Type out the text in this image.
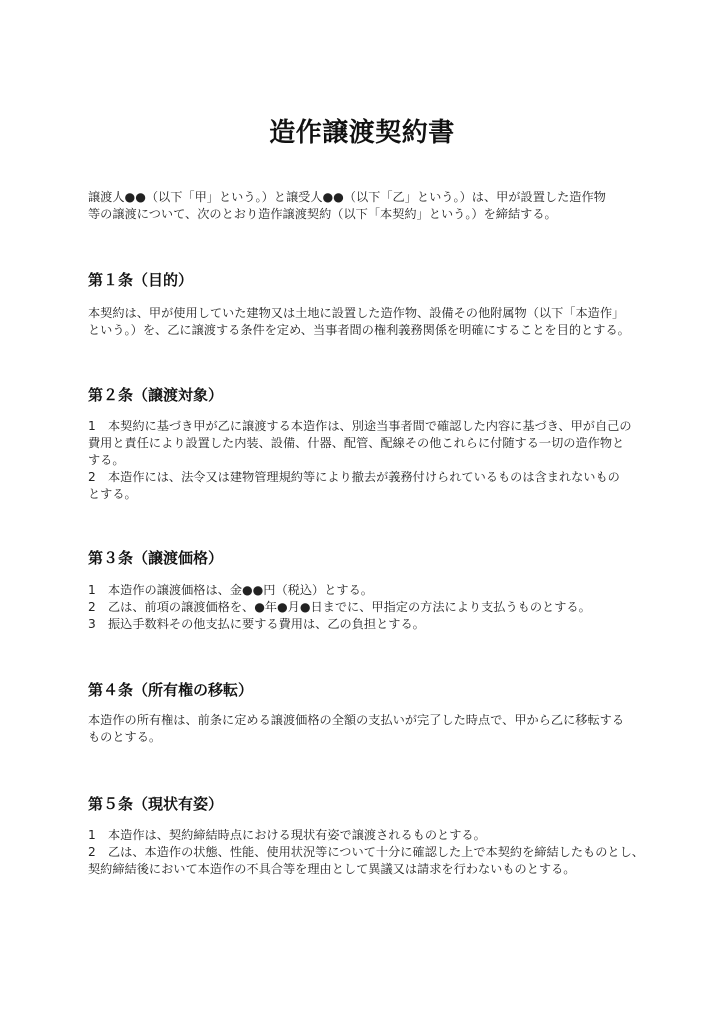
造作譲渡契約書
譲渡人●●（以下「甲」という。）と譲受人●●（以下「乙」という。）は、甲が設置した造作物
等の譲渡について、次のとおり造作譲渡契約（以下「本契約」という。）を締結する。
第１条（目的）
本契約は、甲が使用していた建物又は土地に設置した造作物、設備その他附属物（以下「本造作」
という。）を、乙に譲渡する条件を定め、当事者間の権利義務関係を明確にすることを目的とする。
第２条（譲渡対象）
1　本契約に基づき甲が乙に譲渡する本造作は、別途当事者間で確認した内容に基づき、甲が自己の
費用と責任により設置した内装、設備、什器、配管、配線その他これらに付随する一切の造作物と
する。
2　本造作には、法令又は建物管理規約等により撤去が義務付けられているものは含まれないもの
とする。
第３条（譲渡価格）
1　本造作の譲渡価格は、金●●円（税込）とする。
2　乙は、前項の譲渡価格を、●年●月●日までに、甲指定の方法により支払うものとする。
3　振込手数料その他支払に要する費用は、乙の負担とする。
第４条（所有権の移転）
本造作の所有権は、前条に定める譲渡価格の全額の支払いが完了した時点で、甲から乙に移転する
ものとする。
第５条（現状有姿）
1　本造作は、契約締結時点における現状有姿で譲渡されるものとする。
2　乙は、本造作の状態、性能、使用状況等について十分に確認した上で本契約を締結したものとし、
契約締結後において本造作の不具合等を理由として異議又は請求を行わないものとする。
